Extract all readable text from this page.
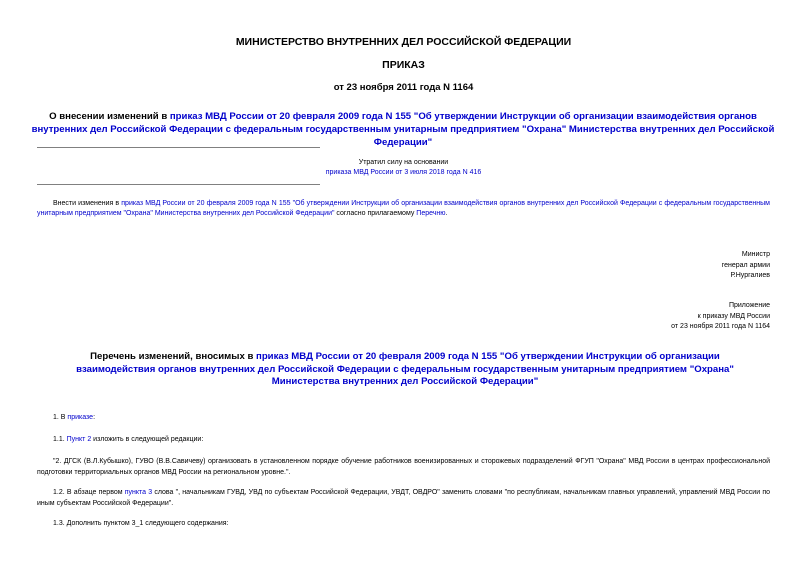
МИНИСТЕРСТВО ВНУТРЕННИХ ДЕЛ РОССИЙСКОЙ ФЕДЕРАЦИИ
ПРИКАЗ
от 23 ноября 2011 года N 1164
О внесении изменений в приказ МВД России от 20 февраля 2009 года N 155 "Об утверждении Инструкции об организации взаимодействия органов внутренних дел Российской Федерации с федеральным государственным унитарным предприятием "Охрана" Министерства внутренних дел Российской Федерации"
Утратил силу на основании
приказа МВД России от 3 июля 2018 года N 416
Внести изменения в приказ МВД России от 20 февраля 2009 года N 155 "Об утверждении Инструкции об организации взаимодействия органов внутренних дел Российской Федерации с федеральным государственным унитарным предприятием "Охрана" Министерства внутренних дел Российской Федерации" согласно прилагаемому Перечню.
Министр
генерал армии
Р.Нургалиев
Приложение
к приказу МВД России
от 23 ноября 2011 года N 1164
Перечень изменений, вносимых в приказ МВД России от 20 февраля 2009 года N 155 "Об утверждении Инструкции об организации взаимодействия органов внутренних дел Российской Федерации с федеральным государственным унитарным предприятием "Охрана" Министерства внутренних дел Российской Федерации"
1. В приказе:
1.1. Пункт 2 изложить в следующей редакции:
"2. ДГСК (В.Л.Кубышко), ГУВО (В.В.Савичеву) организовать в установленном порядке обучение работников военизированных и сторожевых подразделений ФГУП "Охрана" МВД России в центрах профессиональной подготовки территориальных органов МВД России на региональном уровне.".
1.2. В абзаце первом пункта 3 слова ", начальникам ГУВД, УВД по субъектам Российской Федерации, УВДТ, ОВДРО" заменить словами "по республикам, начальникам главных управлений, управлений МВД России по иным субъектам Российской Федерации".
1.3. Дополнить пунктом 3_1 следующего содержания:
